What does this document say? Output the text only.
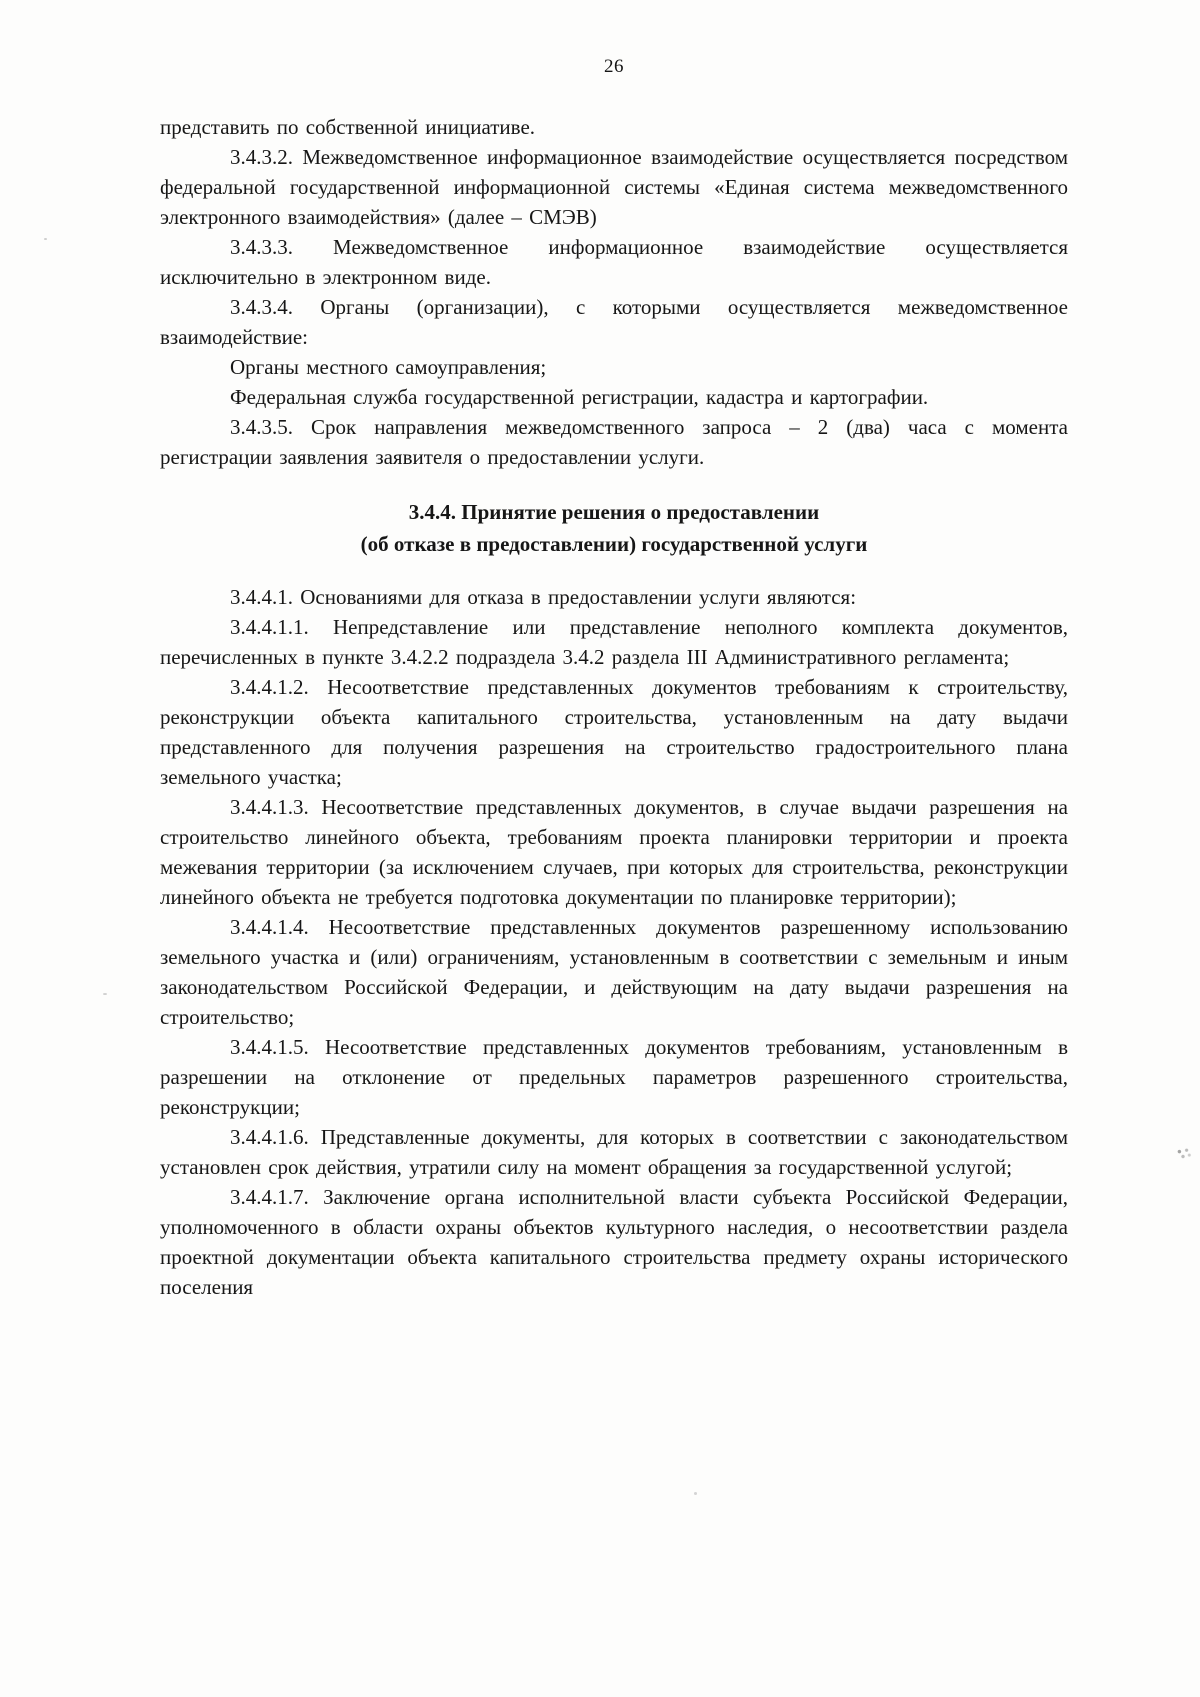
26

представить по собственной инициативе.

3.4.3.2. Межведомственное информационное взаимодействие осуществляется посредством федеральной государственной информационной системы «Единая система межведомственного электронного взаимодействия» (далее – СМЭВ)

3.4.3.3. Межведомственное информационное взаимодействие осуществляется исключительно в электронном виде.

3.4.3.4. Органы (организации), с которыми осуществляется межведомственное взаимодействие:

Органы местного самоуправления;

Федеральная служба государственной регистрации, кадастра и картографии.

3.4.3.5. Срок направления межведомственного запроса – 2 (два) часа с момента регистрации заявления заявителя о предоставлении услуги.

3.4.4. Принятие решения о предоставлении
(об отказе в предоставлении) государственной услуги

3.4.4.1. Основаниями для отказа в предоставлении услуги являются:

3.4.4.1.1. Непредставление или представление неполного комплекта документов, перечисленных в пункте 3.4.2.2 подраздела 3.4.2 раздела III Административного регламента;

3.4.4.1.2. Несоответствие представленных документов требованиям к строительству, реконструкции объекта капитального строительства, установленным на дату выдачи представленного для получения разрешения на строительство градостроительного плана земельного участка;

3.4.4.1.3. Несоответствие представленных документов, в случае выдачи разрешения на строительство линейного объекта, требованиям проекта планировки территории и проекта межевания территории (за исключением случаев, при которых для строительства, реконструкции линейного объекта не требуется подготовка документации по планировке территории);

3.4.4.1.4. Несоответствие представленных документов разрешенному использованию земельного участка и (или) ограничениям, установленным в соответствии с земельным и иным законодательством Российской Федерации, и действующим на дату выдачи разрешения на строительство;

3.4.4.1.5. Несоответствие представленных документов требованиям, установленным в разрешении на отклонение от предельных параметров разрешенного строительства, реконструкции;

3.4.4.1.6. Представленные документы, для которых в соответствии с законодательством установлен срок действия, утратили силу на момент обращения за государственной услугой;

3.4.4.1.7. Заключение органа исполнительной власти субъекта Российской Федерации, уполномоченного в области охраны объектов культурного наследия, о несоответствии раздела проектной документации объекта капитального строительства предмету охраны исторического поселения
